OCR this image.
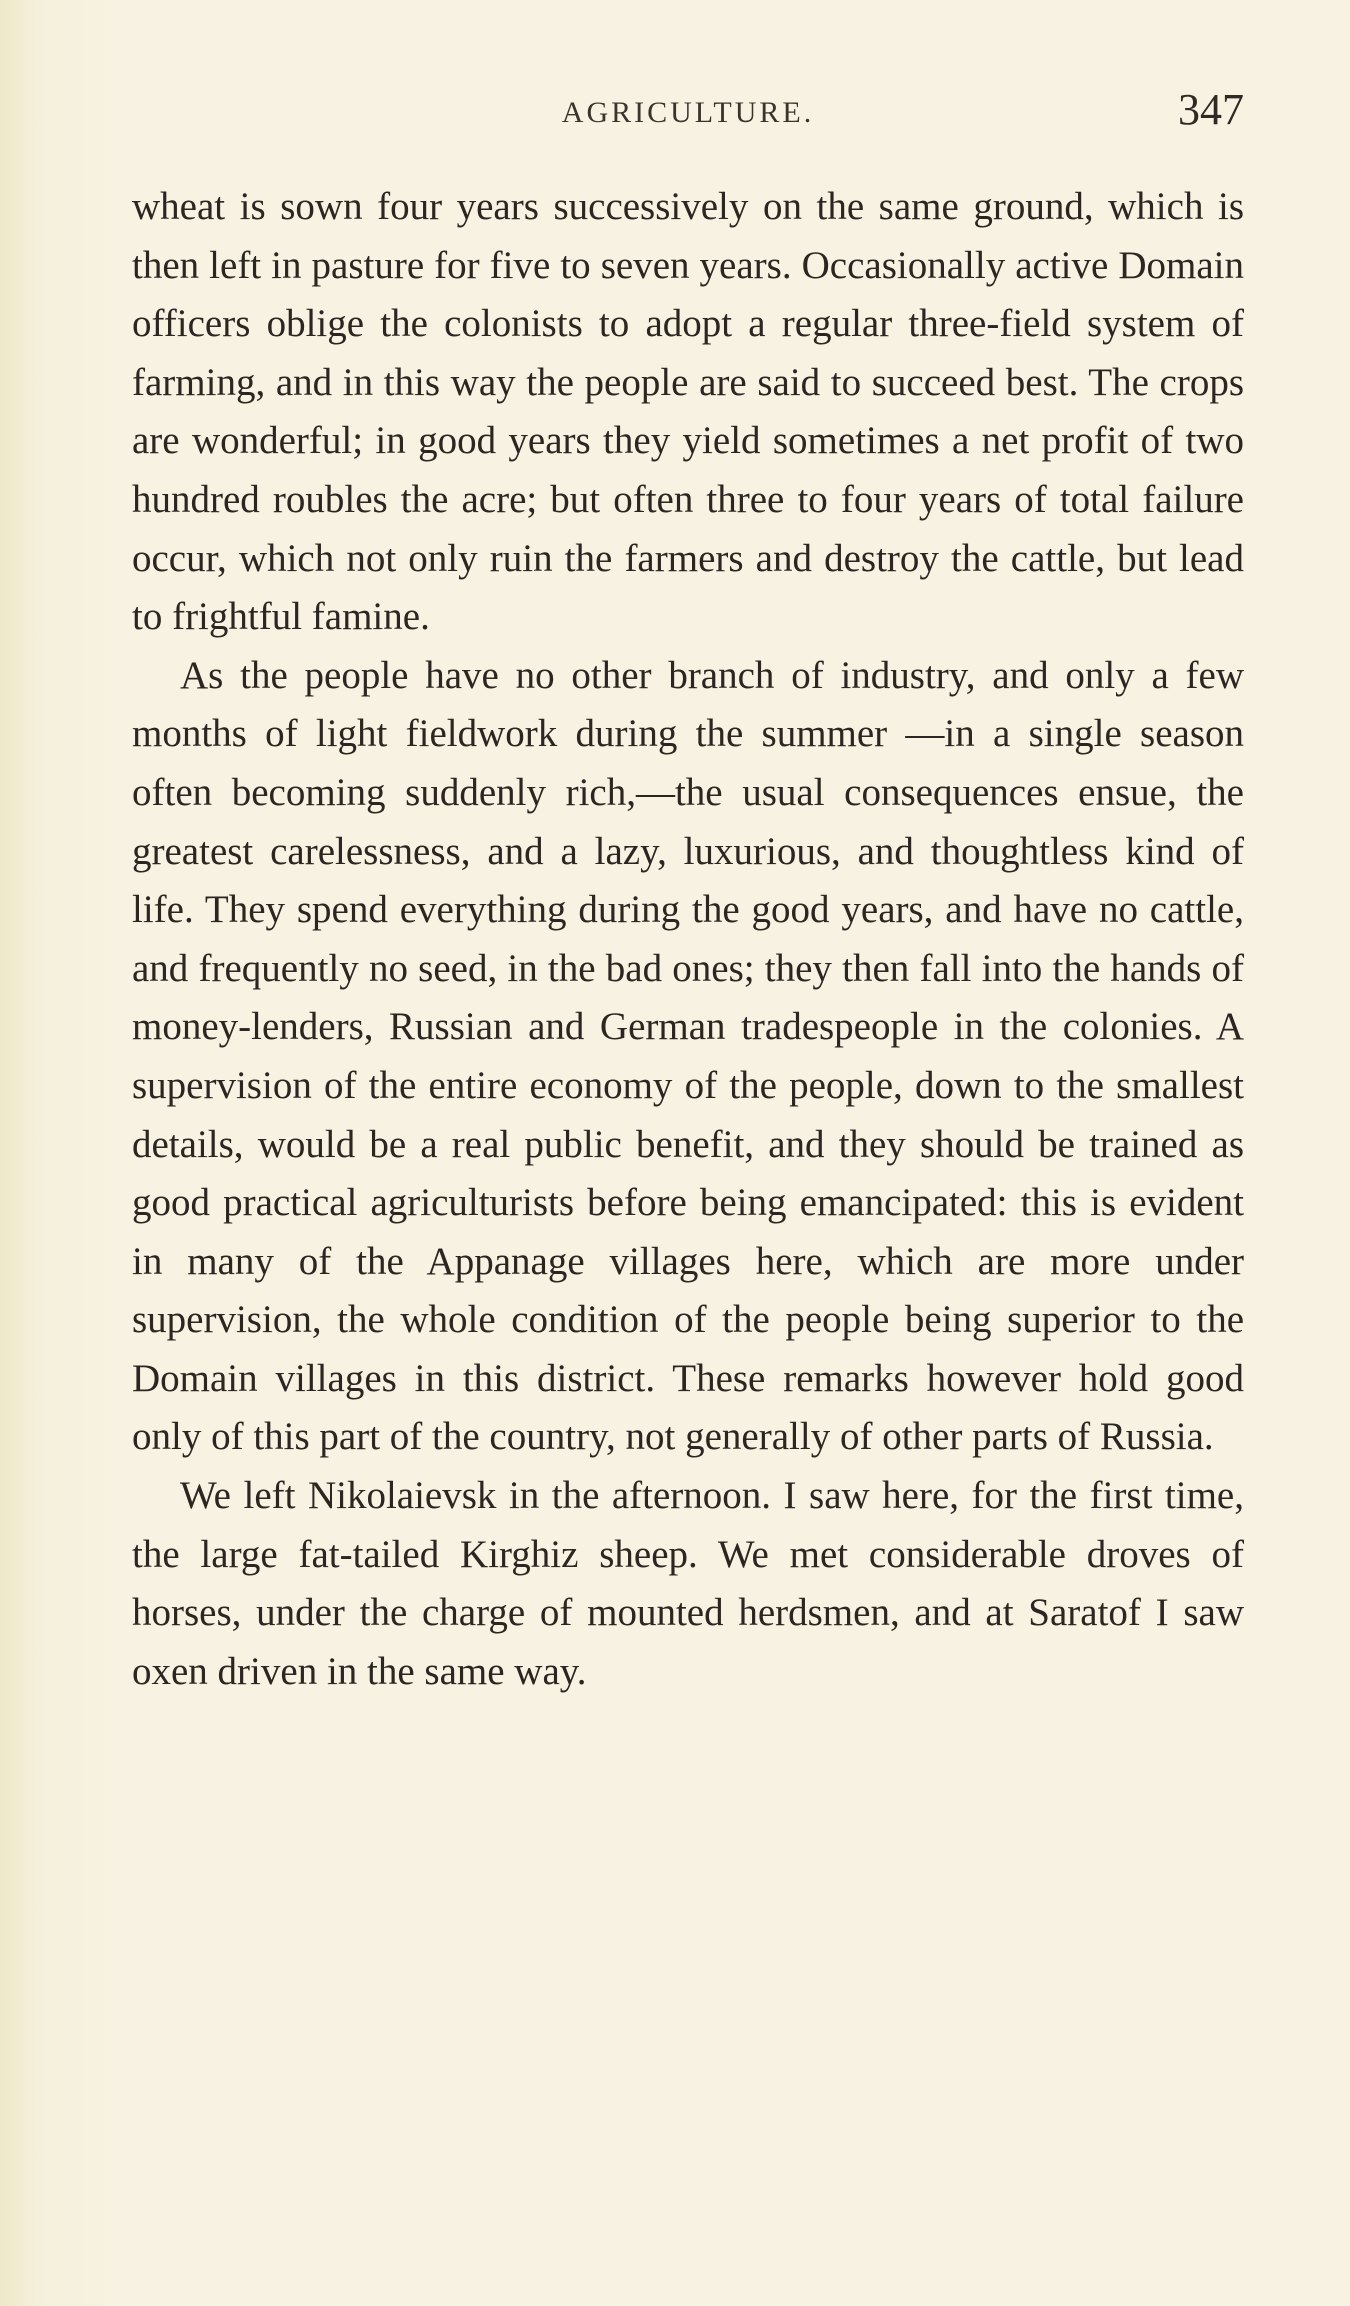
AGRICULTURE.	347

wheat is sown four years successively on the same ground, which is then left in pasture for five to seven years. Occasionally active Domain officers oblige the colonists to adopt a regular three-field system of farming, and in this way the people are said to succeed best. The crops are wonderful; in good years they yield sometimes a net profit of two hundred roubles the acre; but often three to four years of total failure occur, which not only ruin the farmers and destroy the cattle, but lead to frightful famine.

As the people have no other branch of industry, and only a few months of light fieldwork during the summer —in a single season often becoming suddenly rich,—the usual consequences ensue, the greatest carelessness, and a lazy, luxurious, and thoughtless kind of life. They spend everything during the good years, and have no cattle, and frequently no seed, in the bad ones; they then fall into the hands of money-lenders, Russian and German tradespeople in the colonies. A supervision of the entire economy of the people, down to the smallest details, would be a real public benefit, and they should be trained as good practical agriculturists before being emancipated: this is evident in many of the Appanage villages here, which are more under supervision, the whole condition of the people being superior to the Domain villages in this district. These remarks however hold good only of this part of the country, not generally of other parts of Russia.

We left Nikolaievsk in the afternoon. I saw here, for the first time, the large fat-tailed Kirghiz sheep. We met considerable droves of horses, under the charge of mounted herdsmen, and at Saratof I saw oxen driven in the same way.
